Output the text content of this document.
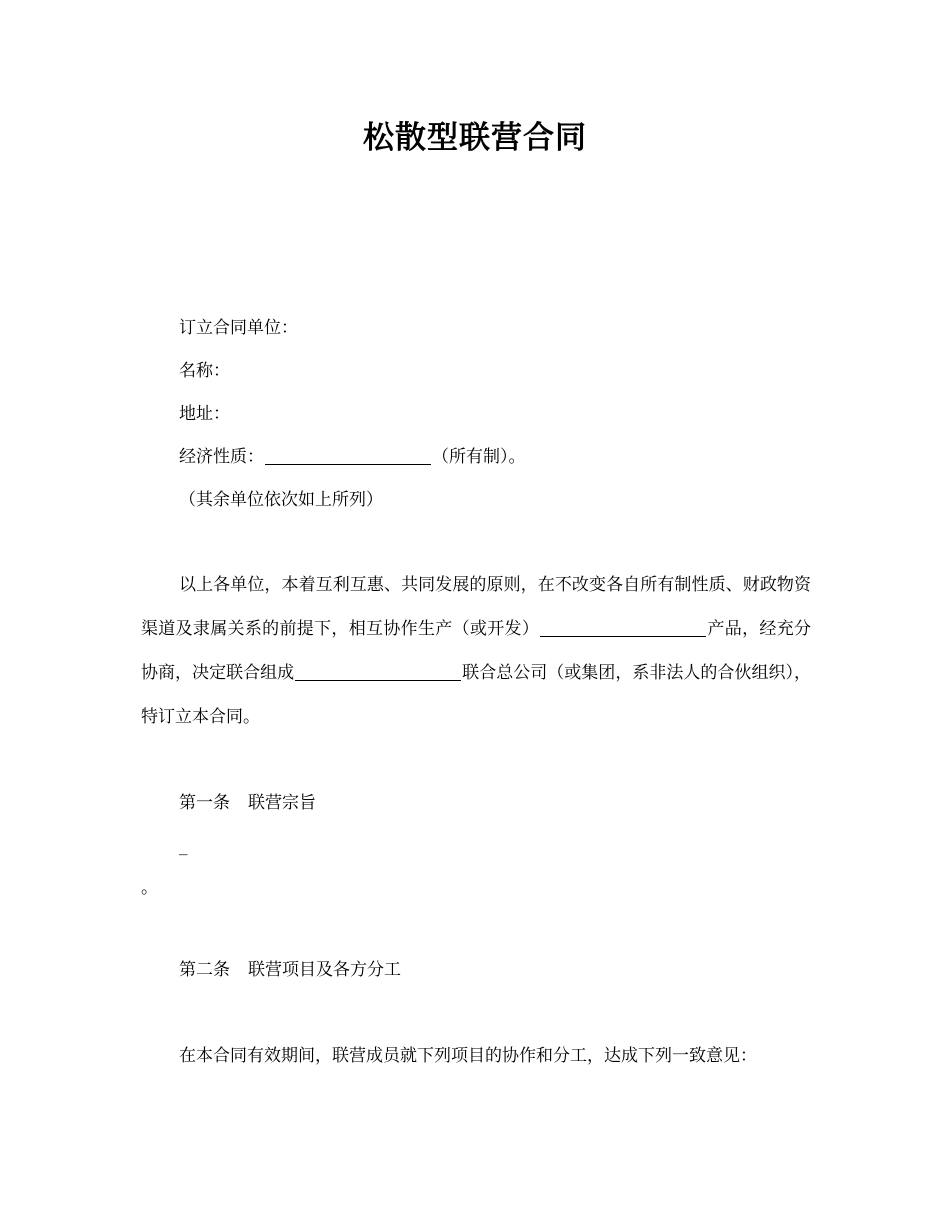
松散型联营合同
订立合同单位：
名称：
地址：
经济性质：	（所有制）。
（其余单位依次如上所列）
以上各单位，本着互利互惠、共同发展的原则，在不改变各自所有制性质、财政物资渠道及隶属关系的前提下，相互协作生产（或开发）	产品，经充分协商，决定联合组成	联合总公司（或集团，系非法人的合伙组织），特订立本合同。
第一条 联营宗旨
_
。
第二条 联营项目及各方分工
在本合同有效期间，联营成员就下列项目的协作和分工，达成下列一致意见：
